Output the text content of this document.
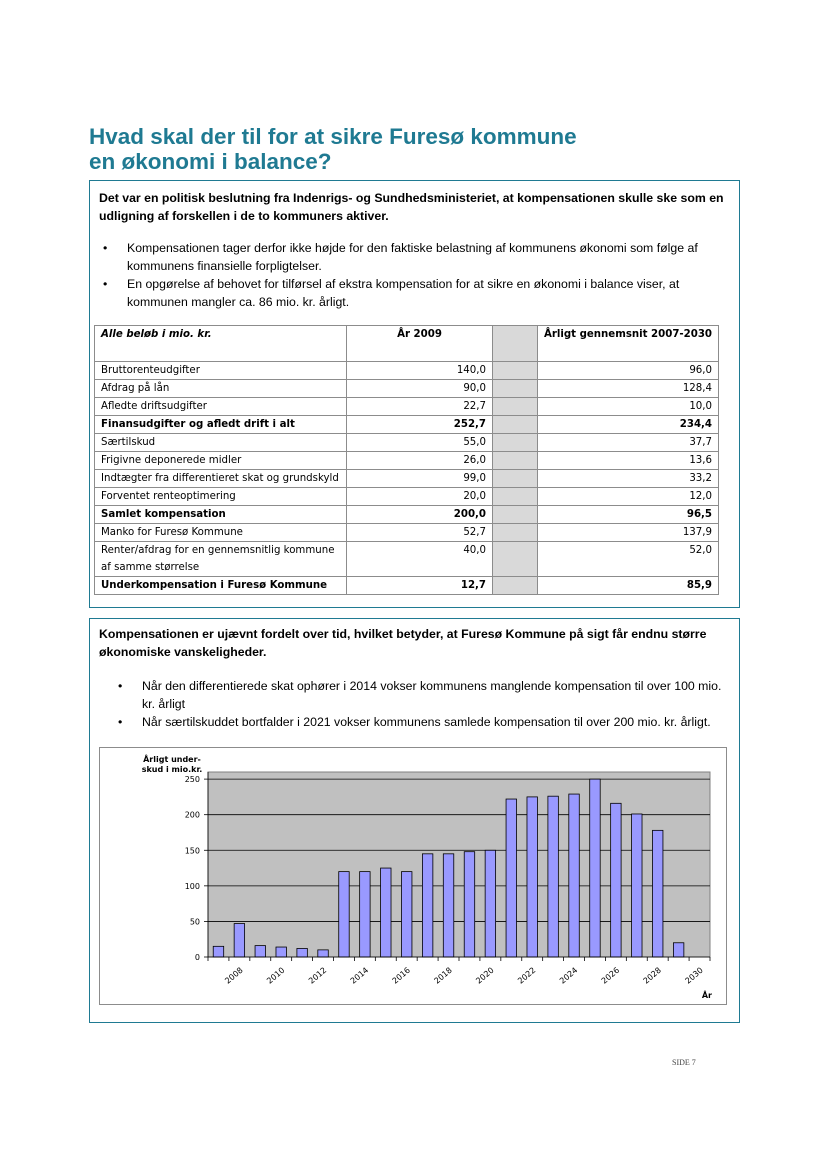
Hvad skal der til for at sikre Furesø kommune
en økonomi i balance?

Det var en politisk beslutning fra Indenrigs- og Sundhedsministeriet, at kompensationen skulle ske som en udligning af forskellen i de to kommuners aktiver.

• Kompensationen tager derfor ikke højde for den faktiske belastning af kommunens økonomi som følge af kommunens finansielle forpligtelser.
• En opgørelse af behovet for tilførsel af ekstra kompensation for at sikre en økonomi i balance viser, at kommunen mangler ca. 86 mio. kr. årligt.
Alle beløb i mio. kr.	År 2009		Årligt gennemsnit 2007-2030
Bruttorenteudgifter	140,0		96,0
Afdrag på lån	90,0		128,4
Afledte driftsudgifter	22,7		10,0
Finansudgifter og afledt drift i alt	252,7		234,4
Særtilskud	55,0		37,7
Frigivne deponerede midler	26,0		13,6
Indtægter fra differentieret skat og grundskyld	99,0		33,2
Forventet renteoptimering	20,0		12,0
Samlet kompensation	200,0		96,5
Manko for Furesø Kommune	52,7		137,9
Renter/afdrag for en gennemsnitlig kommune af samme størrelse	40,0		52,0
Underkompensation i Furesø Kommune	12,7		85,9

Kompensationen er ujævnt fordelt over tid, hvilket betyder, at Furesø Kommune på sigt får endnu større økonomiske vanskeligheder.

• Når den differentierede skat ophører i 2014 vokser kommunens manglende kompensation til over 100 mio. kr. årligt
• Når særtilskuddet bortfalder i 2021 vokser kommunens samlede kompensation til over 200 mio. kr. årligt.
0
50
100
150
200
250
2008	2010	2012	2014	2016	2018	2020	2022	2024	2026	2028	2030
Årligt under-
skud i mio.kr.
År
SIDE 7
